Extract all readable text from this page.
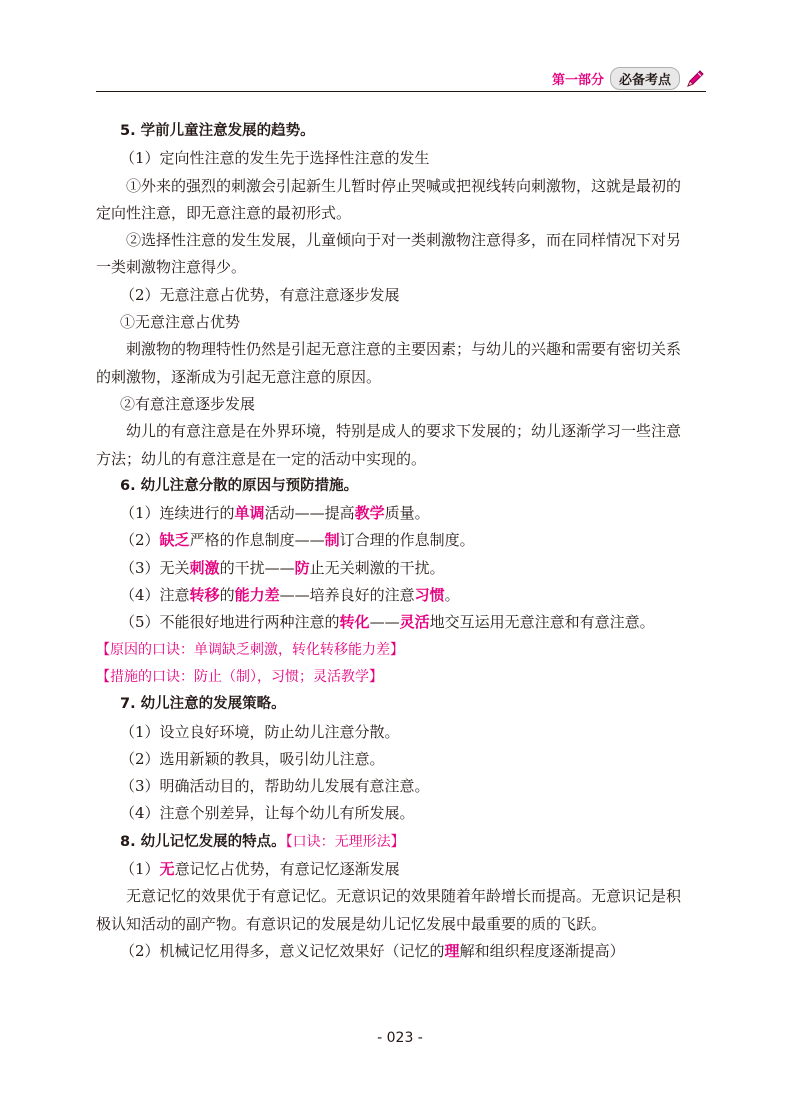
第一部分	必备考点
5. 学前儿童注意发展的趋势。
（1）定向性注意的发生先于选择性注意的发生
①外来的强烈的刺激会引起新生儿暂时停止哭喊或把视线转向刺激物，这就是最初的
定向性注意，即无意注意的最初形式。
②选择性注意的发生发展，儿童倾向于对一类刺激物注意得多，而在同样情况下对另
一类刺激物注意得少。
（2）无意注意占优势，有意注意逐步发展
①无意注意占优势
刺激物的物理特性仍然是引起无意注意的主要因素；与幼儿的兴趣和需要有密切关系
的刺激物，逐渐成为引起无意注意的原因。
②有意注意逐步发展
幼儿的有意注意是在外界环境，特别是成人的要求下发展的；幼儿逐渐学习一些注意
方法；幼儿的有意注意是在一定的活动中实现的。
6. 幼儿注意分散的原因与预防措施。
（1）连续进行的单调活动——提高教学质量。
（2）缺乏严格的作息制度——制订合理的作息制度。
（3）无关刺激的干扰——防止无关刺激的干扰。
（4）注意转移的能力差——培养良好的注意习惯。
（5）不能很好地进行两种注意的转化——灵活地交互运用无意注意和有意注意。
【原因的口诀：单调缺乏刺激，转化转移能力差】
【措施的口诀：防止（制），习惯；灵活教学】
7. 幼儿注意的发展策略。
（1）设立良好环境，防止幼儿注意分散。
（2）选用新颖的教具，吸引幼儿注意。
（3）明确活动目的，帮助幼儿发展有意注意。
（4）注意个别差异，让每个幼儿有所发展。
8. 幼儿记忆发展的特点。【口诀：无理形法】
（1）无意记忆占优势，有意记忆逐渐发展
无意记忆的效果优于有意记忆。无意识记的效果随着年龄增长而提高。无意识记是积
极认知活动的副产物。有意识记的发展是幼儿记忆发展中最重要的质的飞跃。
（2）机械记忆用得多，意义记忆效果好（记忆的理解和组织程度逐渐提高）
- 023 -
